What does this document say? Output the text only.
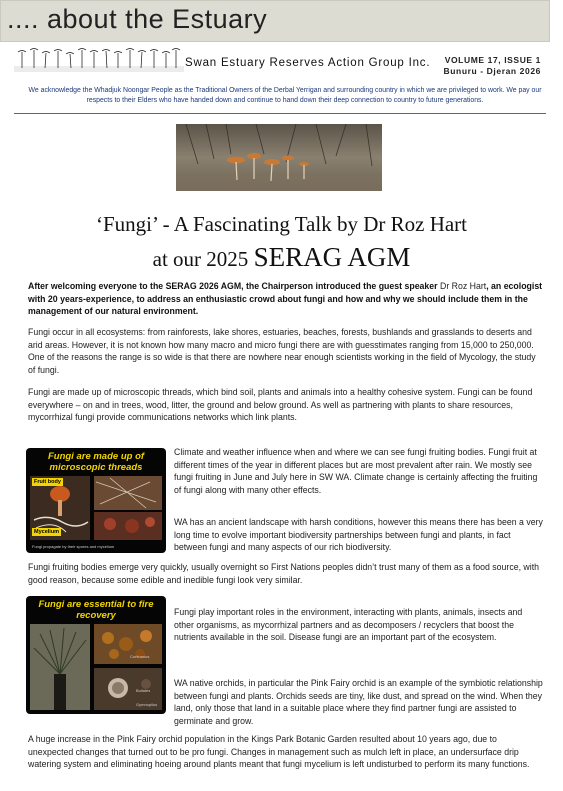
.... about the Estuary
Swan Estuary Reserves Action Group Inc. VOLUME 17, ISSUE 1
Bunuru - Djeran 2026
We acknowledge the Whadjuk Noongar People as the Traditional Owners of the Derbal Yerrigan and surrounding country in which we are privileged to work. We pay our respects to their Elders who have handed down and continue to hand down their deep connection to country to future generations.
‘Fungi’ - A Fascinating Talk by Dr Roz Hart
at our 2025 SERAG AGM
After welcoming everyone to the SERAG 2026 AGM, the Chairperson introduced the guest speaker Dr Roz Hart, an ecologist with 20 years-experience, to address an enthusiastic crowd about fungi and how and why we should include them in the management of our natural environment.
Fungi occur in all ecosystems: from rainforests, lake shores, estuaries, beaches, forests, bushlands and grasslands to deserts and arid areas. However, it is not known how many macro and micro fungi there are with guesstimates ranging from 15,000 to 250,000. One of the reasons the range is so wide is that there are nowhere near enough scientists working in the field of Mycology, the study of fungi.
Fungi are made up of microscopic threads, which bind soil, plants and animals into a healthy cohesive system. Fungi can be found everywhere – on and in trees, wood, litter, the ground and below ground. As well as partnering with plants to share resources, mycorrhizal fungi provide communications networks which link plants.
Fungi are made up of
microscopic threads
Fruit body
Mycelium
Fungi propagate by their spores and mycelium
Climate and weather influence when and where we can see fungi fruiting bodies. Fungi fruit at different times of the year in different places but are most prevalent after rain. We mostly see fungi fruiting in June and July here in SW WA. Climate change is certainly affecting the fruiting of fungi along with many other effects.
WA has an ancient landscape with harsh conditions, however this means there has been a very long time to evolve important biodiversity partnerships between fungi and plants, in fact between fungi and many aspects of our rich biodiversity.
Fungi fruiting bodies emerge very quickly, usually overnight so First Nations peoples didn’t trust many of them as a food source, with good reason, because some edible and inedible fungi look very similar.
Fungi are essential to fire
recovery
Cortinarius
Bullates
Gymnopilus
Fungi play important roles in the environment, interacting with plants, animals, insects and other organisms, as mycorrhizal partners and as decomposers / recyclers that boost the nutrients available in the soil. Disease fungi are an important part of the ecosystem.
WA native orchids, in particular the Pink Fairy orchid is an example of the symbiotic relationship between fungi and plants. Orchids seeds are tiny, like dust, and spread on the wind. When they land, only those that land in a suitable place where they find partner fungi are assisted to germinate and grow.
A huge increase in the Pink Fairy orchid population in the Kings Park Botanic Garden resulted about 10 years ago, due to unexpected changes that turned out to be pro fungi. Changes in management such as mulch left in place, an undersurface drip watering system and eliminating hoeing around plants meant that fungi mycelium is left undisturbed to perform its many functions.
